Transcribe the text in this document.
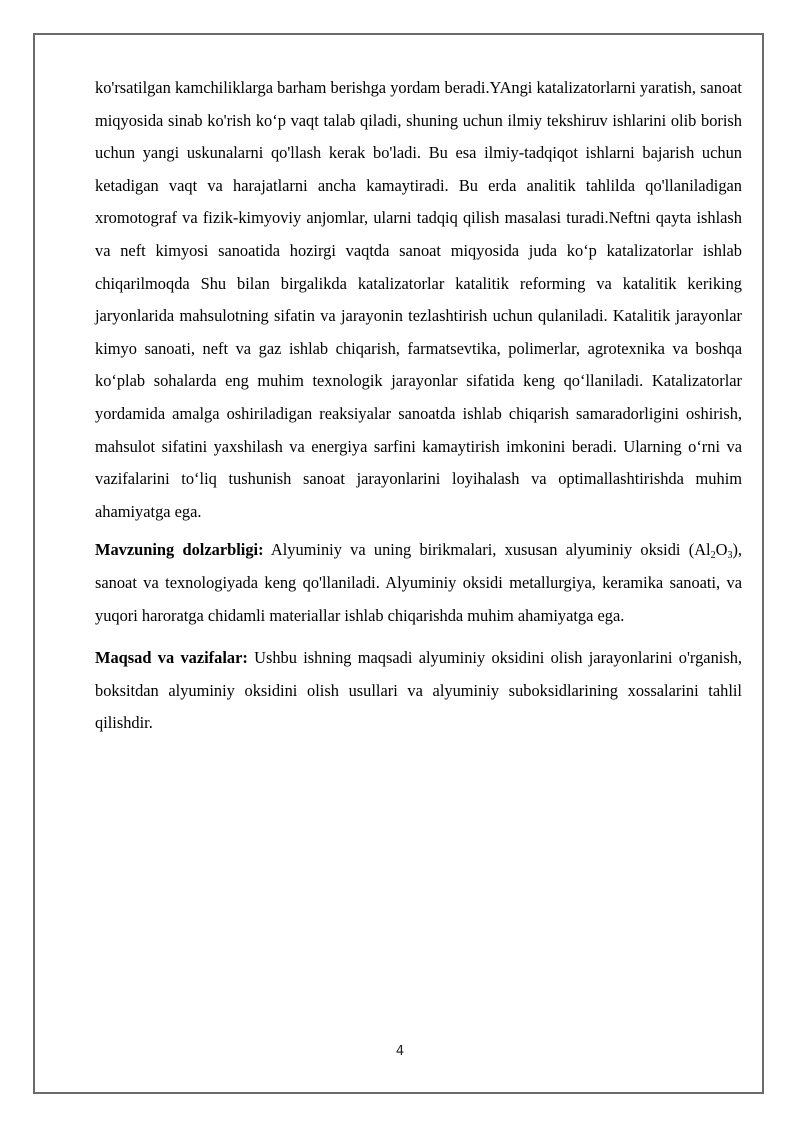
ko'rsatilgan kamchiliklarga barham berishga yordam beradi.YAngi katalizatorlarni yaratish, sanoat miqyosida sinab ko'rish ko‘p vaqt talab qiladi, shuning uchun ilmiy tekshiruv ishlarini olib borish uchun yangi uskunalarni qo'llash kerak bo'ladi. Bu esa ilmiy-tadqiqot ishlarni bajarish uchun ketadigan vaqt va harajatlarni ancha kamaytiradi. Bu erda analitik tahlilda qo'llaniladigan xromotograf va fizik-kimyoviy anjomlar, ularni tadqiq qilish masalasi turadi.Neftni qayta ishlash va neft kimyosi sanoatida hozirgi vaqtda sanoat miqyosida juda ko‘p katalizatorlar ishlab chiqarilmoqda Shu bilan birgalikda katalizatorlar katalitik reforming va katalitik keriking jaryonlarida mahsulotning sifatin va jarayonin tezlashtirish uchun qulaniladi. Katalitik jarayonlar kimyo sanoati, neft va gaz ishlab chiqarish, farmatsevtika, polimerlar, agrotexnika va boshqa ko‘plab sohalarda eng muhim texnologik jarayonlar sifatida keng qo‘llaniladi. Katalizatorlar yordamida amalga oshiriladigan reaksiyalar sanoatda ishlab chiqarish samaradorligini oshirish, mahsulot sifatini yaxshilash va energiya sarfini kamaytirish imkonini beradi. Ularning o‘rni va vazifalarini to‘liq tushunish sanoat jarayonlarini loyihalash va optimallashtirishda muhim ahamiyatga ega.

Mavzuning dolzarbligi: Alyuminiy va uning birikmalari, xususan alyuminiy oksidi $(Al_2O_3)$, sanoat va texnologiyada keng qo'llaniladi. Alyuminiy oksidi metallurgiya, keramika sanoati, va yuqori haroratga chidamli materiallar ishlab chiqarishda muhim ahamiyatga ega.

Maqsad va vazifalar: Ushbu ishning maqsadi alyuminiy oksidini olish jarayonlarini o'rganish, boksitdan alyuminiy oksidini olish usullari va alyuminiy suboksidlarining xossalarini tahlil qilishdir.

4
